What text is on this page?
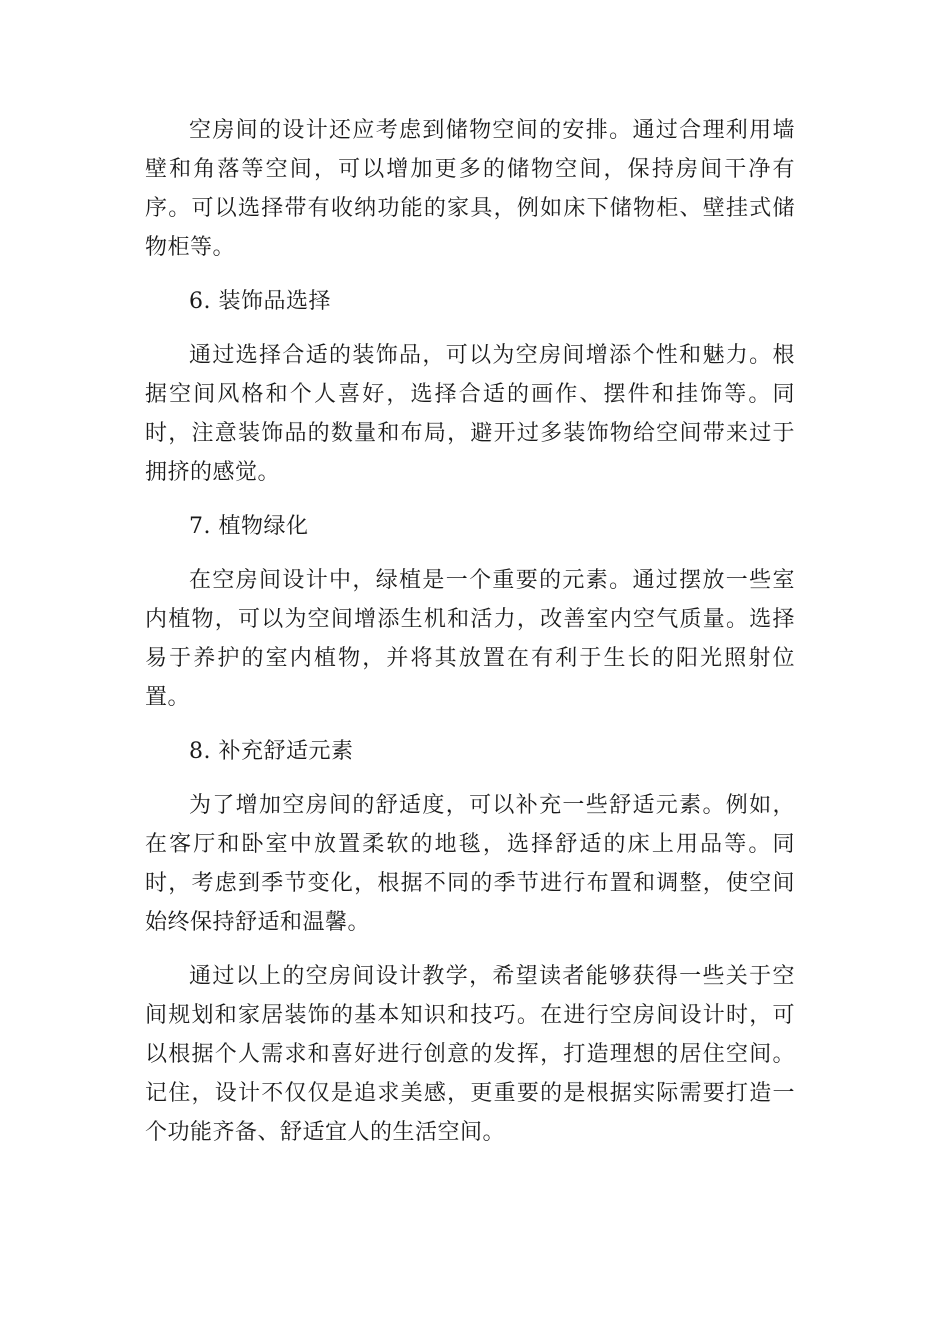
空房间的设计还应考虑到储物空间的安排。通过合理利用墙壁和角落等空间，可以增加更多的储物空间，保持房间干净有序。可以选择带有收纳功能的家具，例如床下储物柜、壁挂式储物柜等。

6. 装饰品选择

通过选择合适的装饰品，可以为空房间增添个性和魅力。根据空间风格和个人喜好，选择合适的画作、摆件和挂饰等。同时，注意装饰品的数量和布局，避开过多装饰物给空间带来过于拥挤的感觉。

7. 植物绿化

在空房间设计中，绿植是一个重要的元素。通过摆放一些室内植物，可以为空间增添生机和活力，改善室内空气质量。选择易于养护的室内植物，并将其放置在有利于生长的阳光照射位置。

8. 补充舒适元素

为了增加空房间的舒适度，可以补充一些舒适元素。例如，在客厅和卧室中放置柔软的地毯，选择舒适的床上用品等。同时，考虑到季节变化，根据不同的季节进行布置和调整，使空间始终保持舒适和温馨。

通过以上的空房间设计教学，希望读者能够获得一些关于空间规划和家居装饰的基本知识和技巧。在进行空房间设计时，可以根据个人需求和喜好进行创意的发挥，打造理想的居住空间。记住，设计不仅仅是追求美感，更重要的是根据实际需要打造一个功能齐备、舒适宜人的生活空间。
